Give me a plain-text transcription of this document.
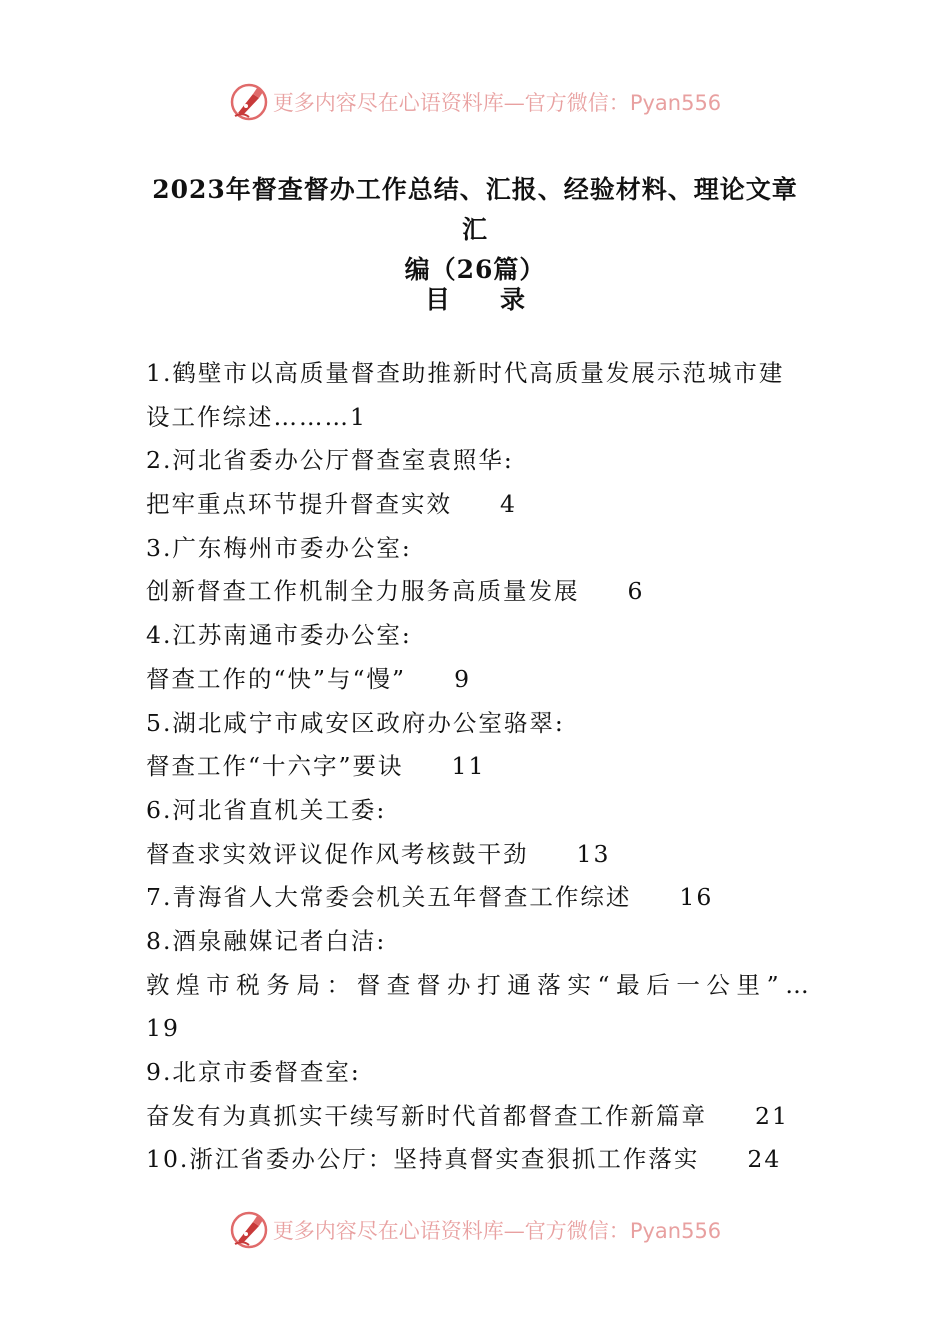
更多内容尽在心语资料库—官方微信：Pyan556
2023年督查督办工作总结、汇报、经验材料、理论文章汇
编（26篇）
目录
1.鹤壁市以高质量督查助推新时代高质量发展示范城市建
设工作综述………1
2.河北省委办公厅督查室袁照华:
把牢重点环节提升督查实效 4
3.广东梅州市委办公室:
创新督查工作机制全力服务高质量发展 6
4.江苏南通市委办公室:
督查工作的“快”与“慢” 9
5.湖北咸宁市咸安区政府办公室骆翠:
督查工作“十六字”要诀 11
6.河北省直机关工委:
督查求实效评议促作风考核鼓干劲 13
7.青海省人大常委会机关五年督查工作综述 16
8.酒泉融媒记者白洁:
敦煌市税务局：督查督办打通落实“最后一公里”…
19
9.北京市委督查室:
奋发有为真抓实干续写新时代首都督查工作新篇章 21
10.浙江省委办公厅：坚持真督实查狠抓工作落实 24
更多内容尽在心语资料库—官方微信：Pyan556
